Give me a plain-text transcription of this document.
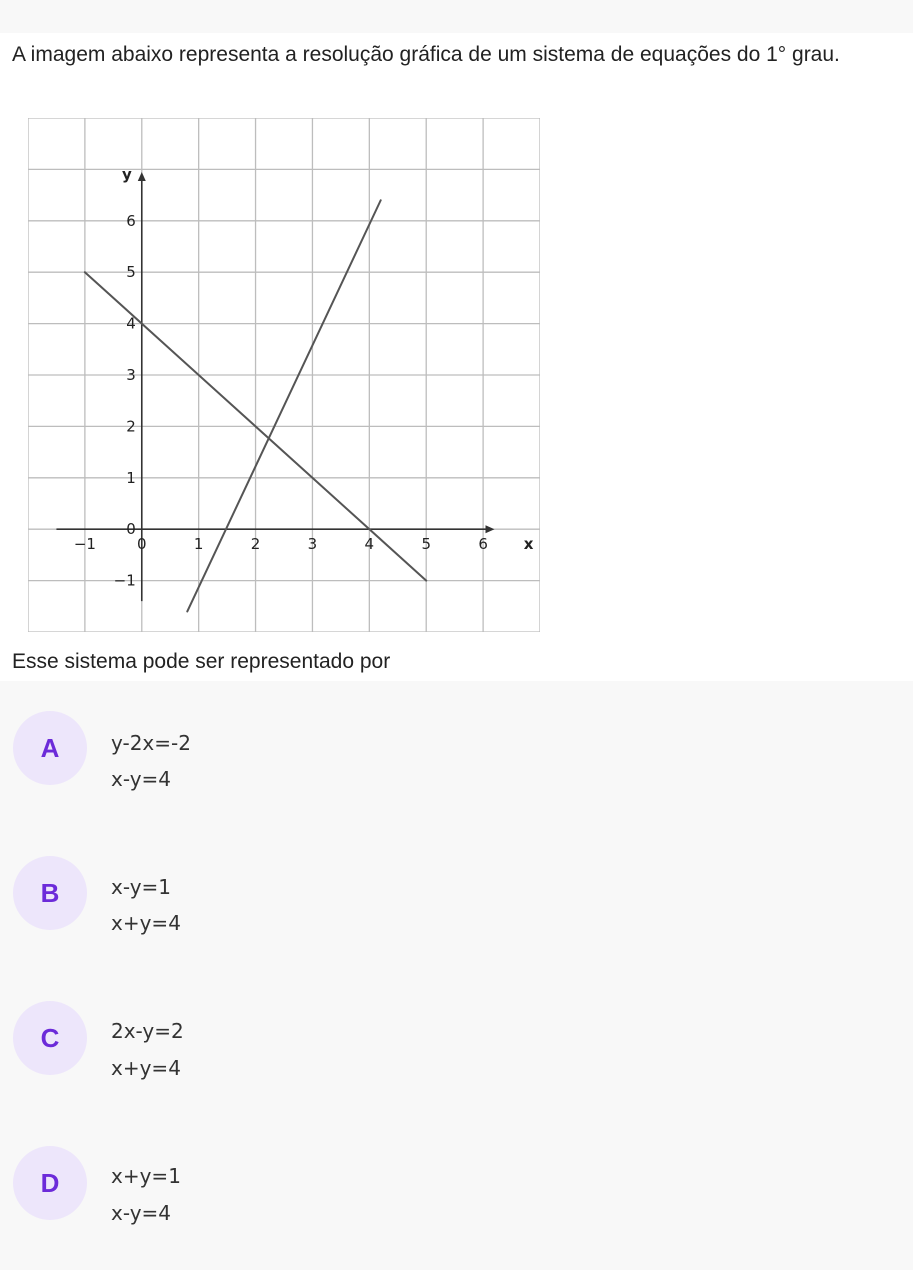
A imagem abaixo representa a resolução gráfica de um sistema de equações do 1° grau.
−1	0	1	2	3	4	5	6 x
−1
0
1
2
3
4
5
6
y
Esse sistema pode ser representado por
A	y-2x=-2
x-y=4
B	x-y=1
x+y=4
C	2x-y=2
x+y=4
D	x+y=1
x-y=4
